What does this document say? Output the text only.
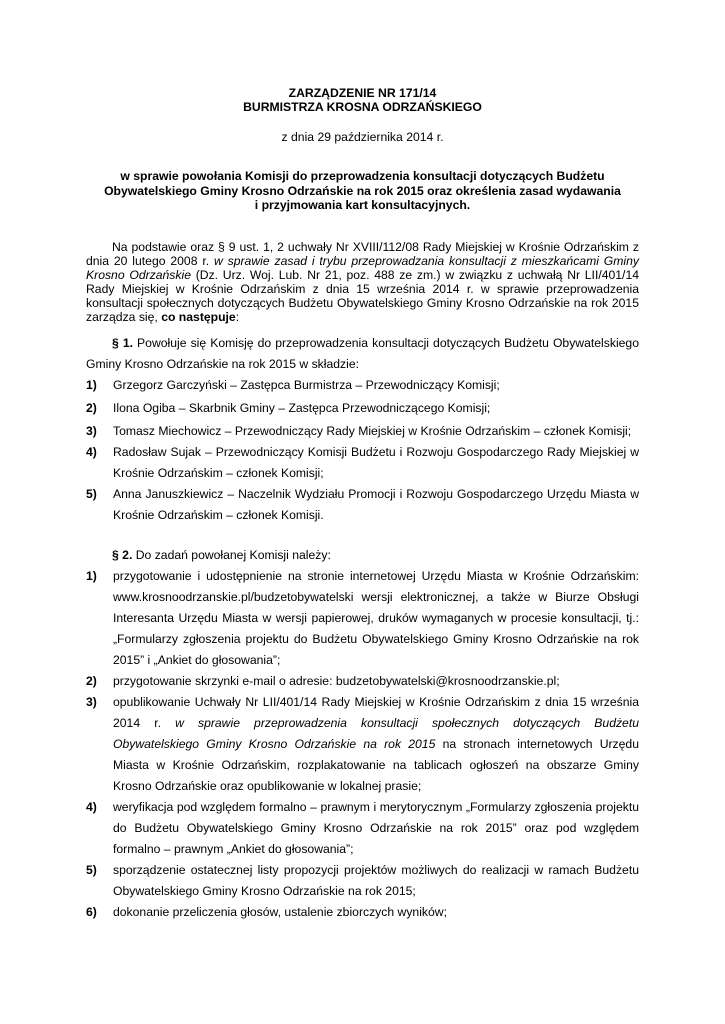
ZARZĄDZENIE NR 171/14
BURMISTRZA KROSNA ODRZAŃSKIEGO
z dnia 29 października 2014 r.
w sprawie powołania Komisji do przeprowadzenia konsultacji dotyczących Budżetu
Obywatelskiego Gminy Krosno Odrzańskie na rok 2015 oraz określenia zasad wydawania
i przyjmowania kart konsultacyjnych.
Na podstawie oraz § 9 ust. 1, 2 uchwały Nr XVIII/112/08 Rady Miejskiej w Krośnie Odrzańskim z dnia 20 lutego 2008 r. w sprawie zasad i trybu przeprowadzania konsultacji z mieszkańcami Gminy Krosno Odrzańskie (Dz. Urz. Woj. Lub. Nr 21, poz. 488 ze zm.) w związku z uchwałą Nr LII/401/14 Rady Miejskiej w Krośnie Odrzańskim z dnia 15 września 2014 r. w sprawie przeprowadzenia konsultacji społecznych dotyczących Budżetu Obywatelskiego Gminy Krosno Odrzańskie na rok 2015 zarządza się, co następuje:
§ 1. Powołuje się Komisję do przeprowadzenia konsultacji dotyczących Budżetu Obywatelskiego Gminy Krosno Odrzańskie na rok 2015 w składzie:
1)	Grzegorz Garczyński – Zastępca Burmistrza – Przewodniczący Komisji;
2)	Ilona Ogiba – Skarbnik Gminy – Zastępca Przewodniczącego Komisji;
3)	Tomasz Miechowicz – Przewodniczący Rady Miejskiej w Krośnie Odrzańskim – członek Komisji;
4)	Radosław Sujak – Przewodniczący Komisji Budżetu i Rozwoju Gospodarczego Rady Miejskiej w Krośnie Odrzańskim – członek Komisji;
5)	Anna Januszkiewicz – Naczelnik Wydziału Promocji i Rozwoju Gospodarczego Urzędu Miasta w Krośnie Odrzańskim – członek Komisji.
§ 2. Do zadań powołanej Komisji należy:
1)	przygotowanie i udostępnienie na stronie internetowej Urzędu Miasta w Krośnie Odrzańskim: www.krosnoodrzanskie.pl/budzetobywatelski wersji elektronicznej, a także w Biurze Obsługi Interesanta Urzędu Miasta w wersji papierowej, druków wymaganych w procesie konsultacji, tj.: „Formularzy zgłoszenia projektu do Budżetu Obywatelskiego Gminy Krosno Odrzańskie na rok 2015” i „Ankiet do głosowania”;
2)	przygotowanie skrzynki e-mail o adresie: budzetobywatelski@krosnoodrzanskie.pl;
3)	opublikowanie Uchwały Nr LII/401/14 Rady Miejskiej w Krośnie Odrzańskim z dnia 15 września 2014 r. w sprawie przeprowadzenia konsultacji społecznych dotyczących Budżetu Obywatelskiego Gminy Krosno Odrzańskie na rok 2015 na stronach internetowych Urzędu Miasta w Krośnie Odrzańskim, rozplakatowanie na tablicach ogłoszeń na obszarze Gminy Krosno Odrzańskie oraz opublikowanie w lokalnej prasie;
4)	weryfikacja pod względem formalno – prawnym i merytorycznym „Formularzy zgłoszenia projektu do Budżetu Obywatelskiego Gminy Krosno Odrzańskie na rok 2015” oraz pod względem formalno – prawnym „Ankiet do głosowania”;
5)	sporządzenie ostatecznej listy propozycji projektów możliwych do realizacji w ramach Budżetu Obywatelskiego Gminy Krosno Odrzańskie na rok 2015;
6)	dokonanie przeliczenia głosów, ustalenie zbiorczych wyników;
